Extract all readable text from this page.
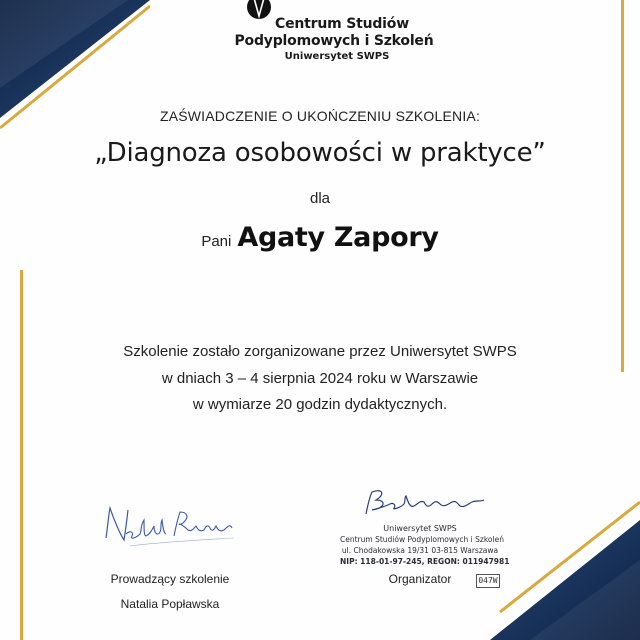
Centrum Studiów
Podyplomowych i Szkoleń
Uniwersytet SWPS
ZAŚWIADCZENIE O UKOŃCZENIU SZKOLENIA:
„Diagnoza osobowości w praktyce”
dla
Pani Agaty Zapory
Szkolenie zostało zorganizowane przez Uniwersytet SWPS
w dniach 3 – 4 sierpnia 2024 roku w Warszawie
w wymiarze 20 godzin dydaktycznych.
Uniwersytet SWPS
Centrum Studiów Podyplomowych i Szkoleń
ul. Chodakowska 19/31 03-815 Warszawa
NIP: 118-01-97-245, REGON: 011947981
Prowadzący szkolenie
Natalia Popławska
Organizator	047W
